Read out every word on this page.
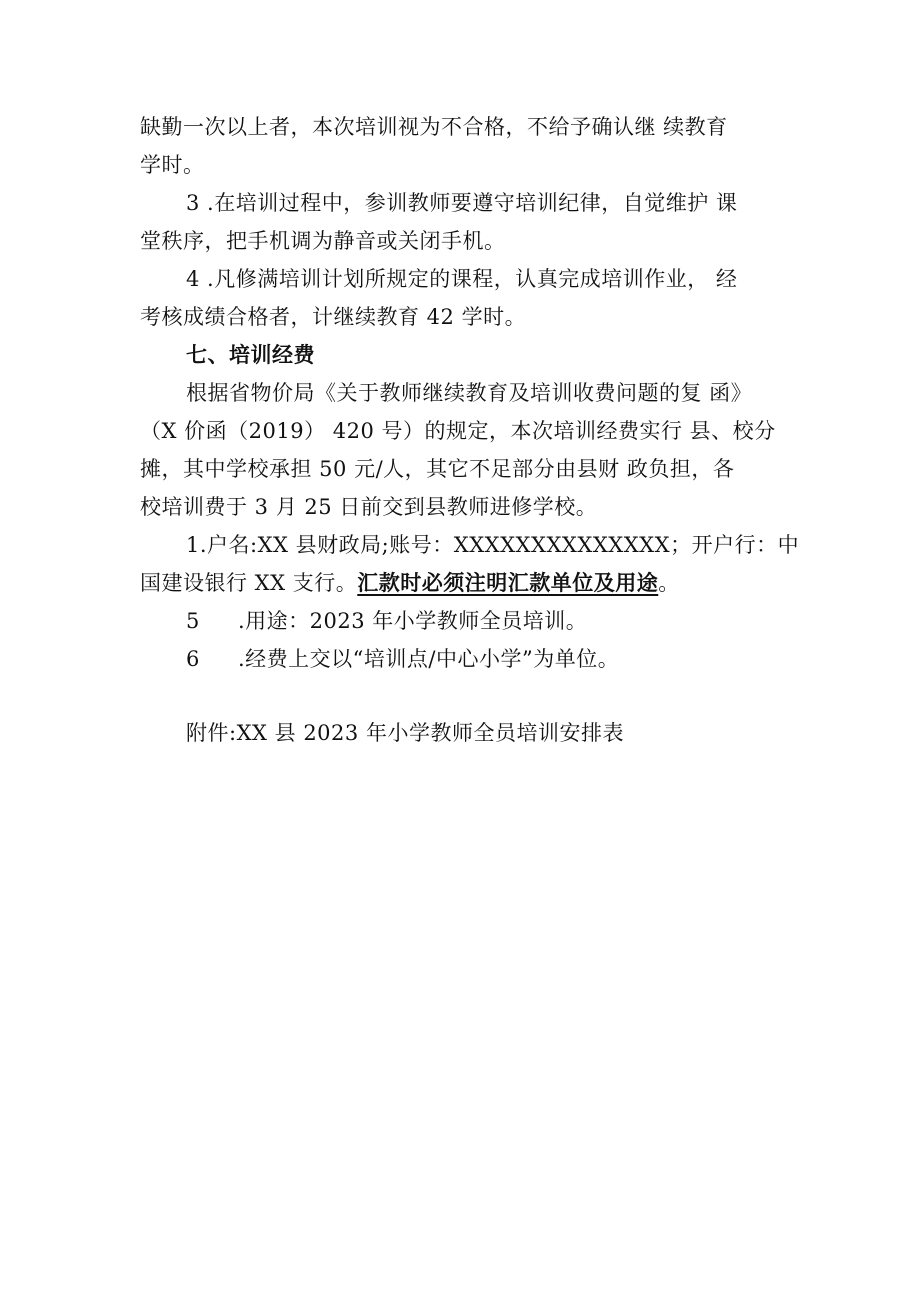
缺勤一次以上者，本次培训视为不合格，不给予确认继 续教育
学时。
3 .在培训过程中，参训教师要遵守培训纪律，自觉维护 课
堂秩序，把手机调为静音或关闭手机。
4 .凡修满培训计划所规定的课程，认真完成培训作业， 经
考核成绩合格者，计继续教育 42 学时。
七、培训经费
根据省物价局《关于教师继续教育及培训收费问题的复 函》
（X 价函（2019） 420 号）的规定，本次培训经费实行 县、校分
摊，其中学校承担 50 元/人，其它不足部分由县财 政负担，各
校培训费于 3 月 25 日前交到县教师进修学校。
1.户名:XX 县财政局;账号：XXXXXXXXXXXXXX；开户行：中
国建设银行 XX 支行。汇款时必须注明汇款单位及用途。
5 .用途：2023 年小学教师全员培训。
6 .经费上交以“培训点/中心小学”为单位。
附件:XX 县 2023 年小学教师全员培训安排表
